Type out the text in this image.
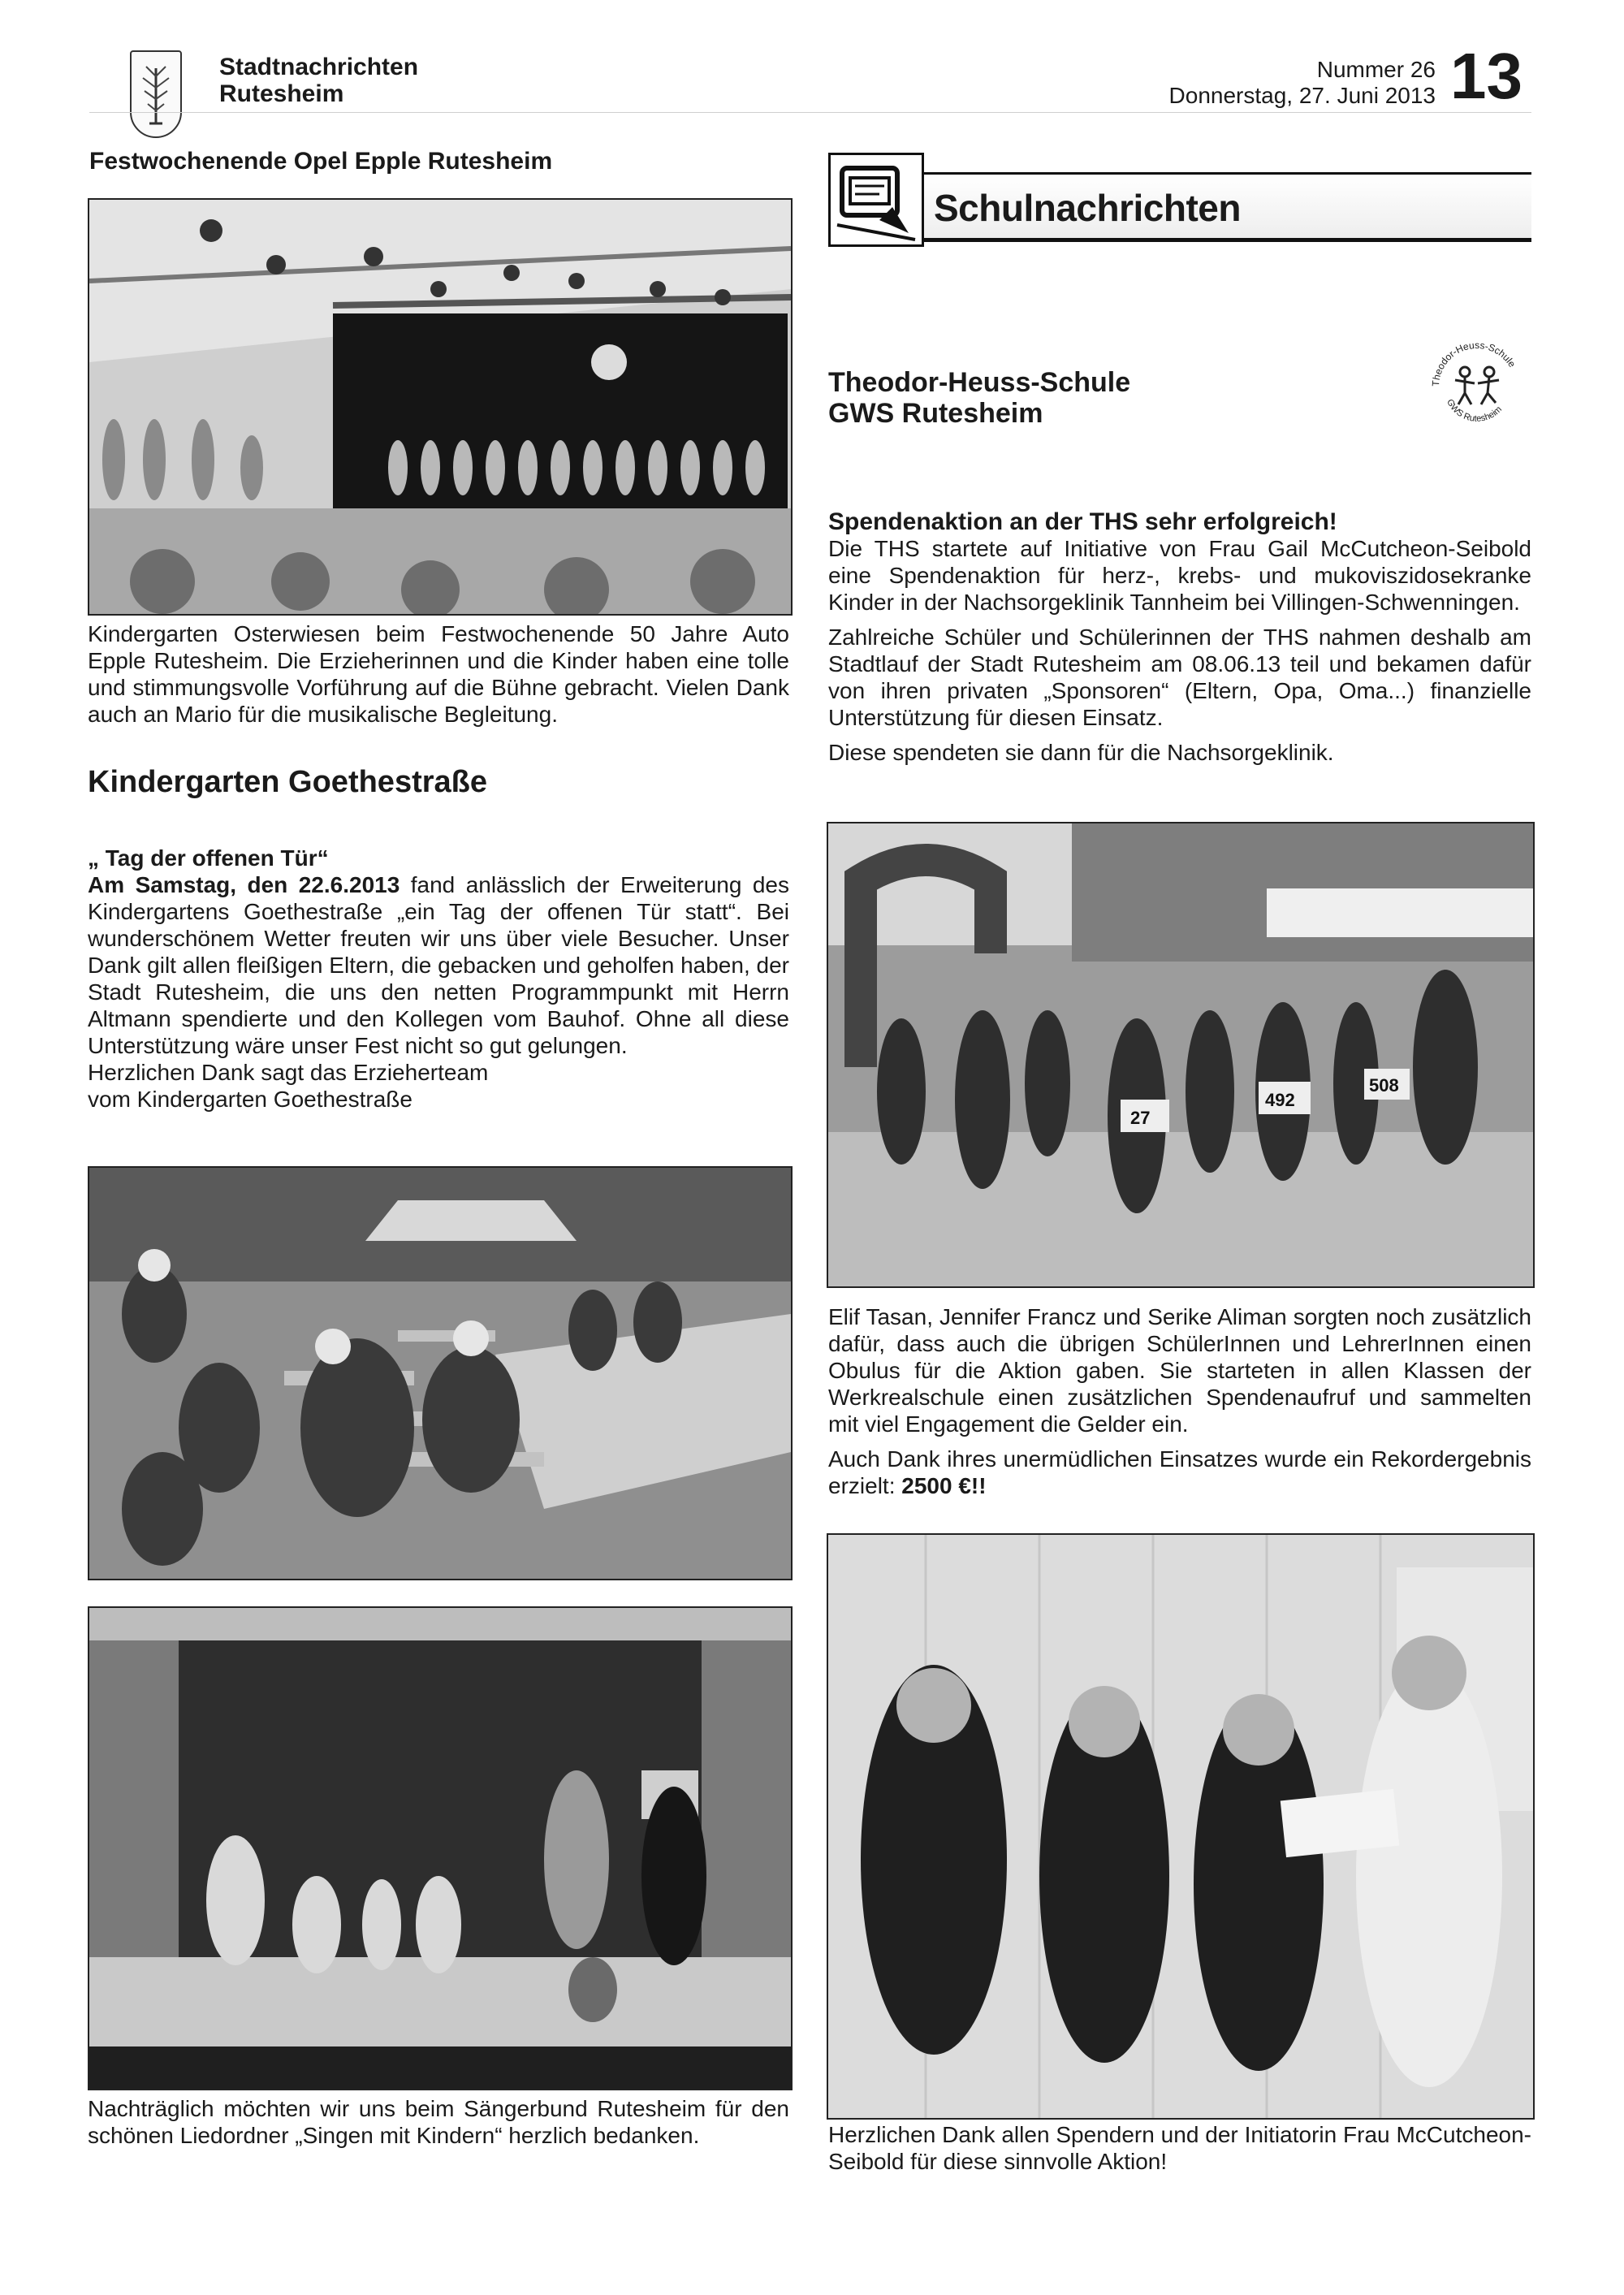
Stadtnachrichten
Rutesheim
Nummer 26
Donnerstag, 27. Juni 2013 13
Festwochenende Opel Epple Rutesheim
Kindergarten Osterwiesen beim Festwochenende 50 Jahre Auto Epple Rutesheim. Die Erzieherinnen und die Kinder haben eine tolle und stimmungsvolle Vorführung auf die Bühne gebracht. Vielen Dank auch an Mario für die musikalische Begleitung.
Kindergarten Goethestraße
„ Tag der offenen Tür“
Am Samstag, den 22.6.2013 fand anlässlich der Erweiterung des Kindergartens Goethestraße „ein Tag der offenen Tür statt“. Bei wunderschönem Wetter freuten wir uns über viele Besucher. Unser Dank gilt allen fleißigen Eltern, die gebacken und geholfen haben, der Stadt Rutesheim, die uns den netten Programmpunkt mit Herrn Altmann spendierte und den Kollegen vom Bauhof. Ohne all diese Unterstützung wäre unser Fest nicht so gut gelungen.
Herzlichen Dank sagt das Erzieherteam
vom Kindergarten Goethestraße
Nachträglich möchten wir uns beim Sängerbund Rutesheim für den schönen Liedordner „Singen mit Kindern“ herzlich bedanken.
Schulnachrichten
Theodor-Heuss-Schule
GWS Rutesheim
Theodor-Heuss-Schule
GWS Rutesheim
Spendenaktion an der THS sehr erfolgreich!

Die THS startete auf Initiative von Frau Gail McCutcheon-Seibold eine Spendenaktion für herz-, krebs- und mukoviszidosekranke Kinder in der Nachsorgeklinik Tannheim bei Villingen-Schwenningen.

Zahlreiche Schüler und Schülerinnen der THS nahmen deshalb am Stadtlauf der Stadt Rutesheim am 08.06.13 teil und bekamen dafür von ihren privaten „Sponsoren“ (Eltern, Opa, Oma...) finanzielle Unterstützung für diesen Einsatz.

Diese spendeten sie dann für die Nachsorgeklinik.

27
492
508

Elif Tasan, Jennifer Francz und Serike Aliman sorgten noch zusätzlich dafür, dass auch die übrigen SchülerInnen und LehrerInnen einen Obulus für die Aktion gaben. Sie starteten in allen Klassen der Werkrealschule einen zusätzlichen Spendenaufruf und sammelten mit viel Engagement die Gelder ein.

Auch Dank ihres unermüdlichen Einsatzes wurde ein Rekordergebnis erzielt: 2500 €!!

Herzlichen Dank allen Spendern und der Initiatorin Frau McCutcheon-Seibold für diese sinnvolle Aktion!
